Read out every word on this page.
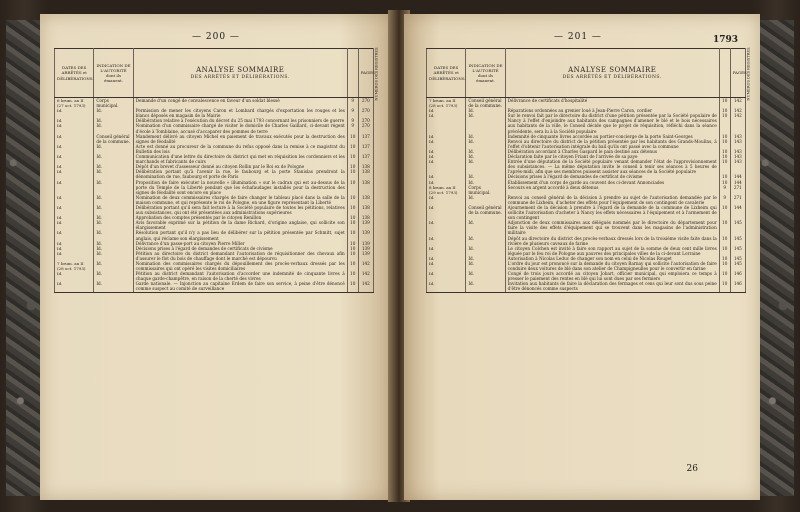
— 200 —
DATES DES ARRÊTÉS et DÉLIBÉRATIONS.	INDICATION DE L'AUTORITÉ dont ils émanent.	ANALYSE SOMMAIRE
DES ARRÊTÉS ET DÉLIBÉRATIONS.	NUMÉROS DES REGISTRES.	PAGES.
6 brum. an II (27 oct. 1793)	Corps municipal.	Demande d'un congé de convalescence en faveur d'un soldat blessé	9	270
Id.	Id.	Permission de mener les citoyens Caron et Lombard chargés d'exportation les rouges et les blancs déposés en magasin de la Mairie	9	270
Id.	Id.	Délibération relative à l'exécution du décret du 25 mai 1793 concernant les prisonniers de guerre	9	270
Id.	Id.	Nomination d'un commissaire chargé de visiter le domicile de Charles Gaillard, ci-devant régent d'école à Tomblaine, accusé d'accaparer des pommes de terre	9	270
Id.	Conseil général de la commune.	Mandement délivré au citoyen Michel en paiement de travaux exécutés pour la destruction des signes de féodalité	10	137
Id.	Id.	Acte est donné au procureur de la commune du refus opposé dans la remise à ce magistrat du Bulletin des lois	10	137
Id.	Id.	Communication d'une lettre du directoire du district qui met en réquisition les cordonniers et les marchands et fabricants de cuirs	10	137
Id.	Id.	Dépôt d'un brevet d'assesseur donné au citoyen Rollin par le Roi ex de Pologne	10	138
Id.	Id.	Délibération portant qu'à l'avenir la rue, le faubourg et la porte Stanislas prendront la dénomination de rue, faubourg et porte de Paris	10	138
Id.	Id.	Proposition de faire exécuter la nouvelle « illumination » sur le cadran qui est au-dessus de la porte du Temple de la Liberté pendant que les échafaudages installés pour la destruction des signes de féodalité sont encore en place	10	138
Id.	Id.	Nomination de deux commissaires chargés de faire changer le tableau placé dans la salle de la maison commune, et qui représente le roi de Pologne, en une figure représentant la Liberté	10	138
Id.	Id.	Délibération portant qu'il sera fait lecture à la Société populaire de toutes les pétitions, relatives aux subsistances, qui ont été présentées aux administrations supérieures	10	138
Id.	Id.	Approbation des comptes présentés par le citoyen Renillon	10	138
Id.	Id.	Avis favorable exprimé sur la pétition de la dame Richard, d'origine anglaise, qui sollicite son élargissement	10	139
Id.	Id.	Résolution portant qu'il n'y a pas lieu de délibérer sur la pétition présentée par Schmitt, sujet anglais, qui réclame son élargissement	10	139
Id.	Id.	Délivrance d'un passe-port au citoyen Pierre Miller	10	139
Id.	Id.	Décisions prises à l'égard de demandes de certificats de civisme	10	139
Id.	Id.	Pétition au directoire du district demandant l'autorisation de réquisitionner des chevaux afin d'assurer le flot du bois de chauffage dont le marché est dépourvu	10	139
7 brum. an II (28 oct. 1793)	Id.	Nomination des commissaires chargés du dépouillement des procès-verbaux dressés par les commissaires qui ont opéré les visites domiciliaires	10	142
Id.	Id.	Pétition au district demandant l'autorisation d'accorder une indemnité de cinquante livres à chaque garde-champêtre, en raison de la cherté des vivres	10	142
Id.	Id.	Garde nationale. — Injonction au capitaine Erdem de faire son service, à peine d'être dénoncé comme suspect au comité de surveillance	10	142
— 201 —	1793
DATES DES ARRÊTÉS et DÉLIBÉRATIONS.	INDICATION DE L'AUTORITÉ dont ils émanent.	ANALYSE SOMMAIRE
DES ARRÊTÉS ET DÉLIBÉRATIONS.	NUMÉROS DES REGISTRES.	PAGES.
7 brum. an II (28 oct. 1793)	Conseil général de la commune.	Délivrance de certificats d'hospitalité	10	142
Id.	Id.	Réparations ordonnées au grenier loué à Jean-Pierre Caron, cordier	10	142
Id.	Id.	Sur le renvoi fait par le directoire du district d'une pétition présentée par la Société populaire de Nancy à l'effet d'enjoindre aux habitants des campagnes d'amener le blé et le bois nécessaires aux habitants de la ville, le Conseil décide que le projet de réquisition, réfléchi dans la séance précédente, sera lu à la Société populaire	10	142
Id.	Id.	Indemnité de cinquante livres accordée au portier-concierge de la porte Saint-Georges	10	143
Id.	Id.	Renvoi au directoire du district de la pétition présentée par les habitants des Grands-Moulins, à l'effet d'obtenir l'autorisation intégrale du bail qu'ils ont passé avec la commune	10	143
Id.	Id.	Délibération accordant à Charles Gaspard le pain destiné aux détenus	10	143
Id.	Id.	Déclaration faite par le citoyen Friant de l'arrivée de sa paye	10	143
Id.	Id.	Entrée d'une députation de la Société populaire venant demander l'état de l'approvisionnement des subsistances. — La même députation invite le conseil à tenir ses séances à 5 heures de l'après-midi, afin que ses membres puissent assister aux séances de la Société populaire	10	143
Id.	Id.	Décisions prises à l'égard de demandes de certificat de civisme	10	144
Id.	Id.	Établissement d'un corps de garde au couvent des ci-devant Annonciades	10	144
8 brum. an II (29 oct. 1793)	Corps municipal.	Secours en argent accordé à deux détenus	9	271
Id.	Id.	Renvoi au conseil général de la décision à prendre au sujet de l'autorisation demandée par le commune de Lixheim, d'acheter des effets pour l'équipement de son contingent de cavalerie	9	271
Id.	Conseil général de la commune.	Ajournement de la décision à prendre à l'égard de la demande de la commune de Lixheim qui sollicite l'autorisation d'acheter à Nancy les effets nécessaires à l'équipement et à l'armement de son contingent	10	144
Id.	Id.	Adjonction de deux commissaires aux délégués nommés par le directoire du département pour faire la visite des effets d'équipement qui se trouvent dans les magasins de l'administration militaire	10	145
Id.	Id.	Dépôt au directoire du district des procès-verbaux dressés lors de la troisième visite faite dans la rivière de plusieurs caveaux de farine	10	145
Id.	Id.	Le citoyen Colchen est invité à faire son rapport au sujet de la somme de deux cent mille livres léguée par le feu roi de Pologne aux pauvres des principales villes de la ci-devant Lorraine	10	145
Id.	Id.	Autorisation à Nicolas Leduc de changer son nom en celui de Nicolas Rouget	10	145
Id.	Id.	L'ordre du jour est prononcé sur la demande du citoyen Barnay qui sollicite l'autorisation de faire conduire deux voitures de blé dans son atelier de Champigneulles pour le convertir en farine	10	145
Id.	Id.	Congé de trois jours accordé au citoyen Jobart, officier municipal, qui emploiera ce temps à presser le paiement des rentes en blé qui lui sont dues par ses fermiers	10	146
Id.	Id.	Invitation aux habitants de faire la déclaration des fermages et cens qui leur sont dus sous peine d'être dénoncés comme suspects	10	146
26
